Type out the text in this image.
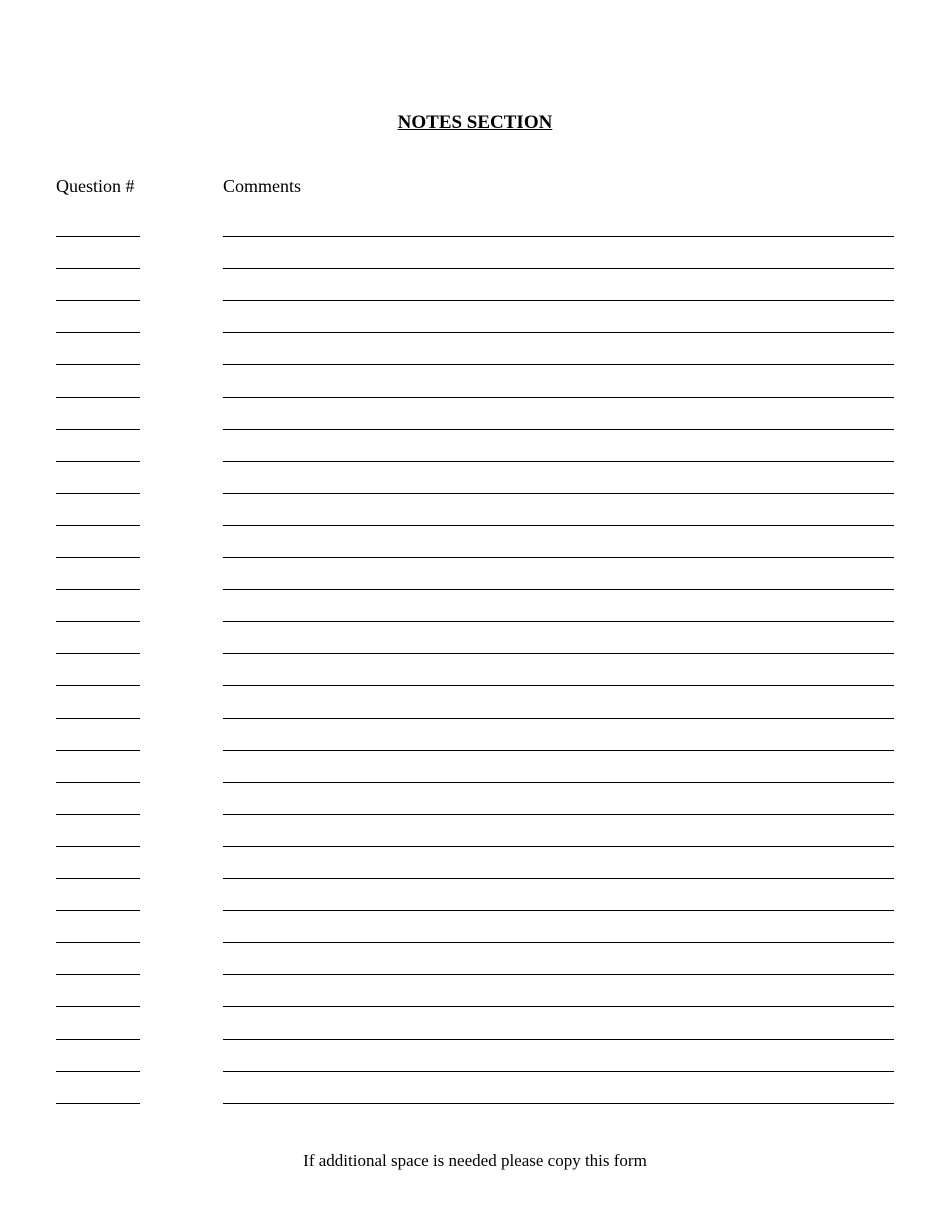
NOTES SECTION
Question #	Comments
If additional space is needed please copy this form
